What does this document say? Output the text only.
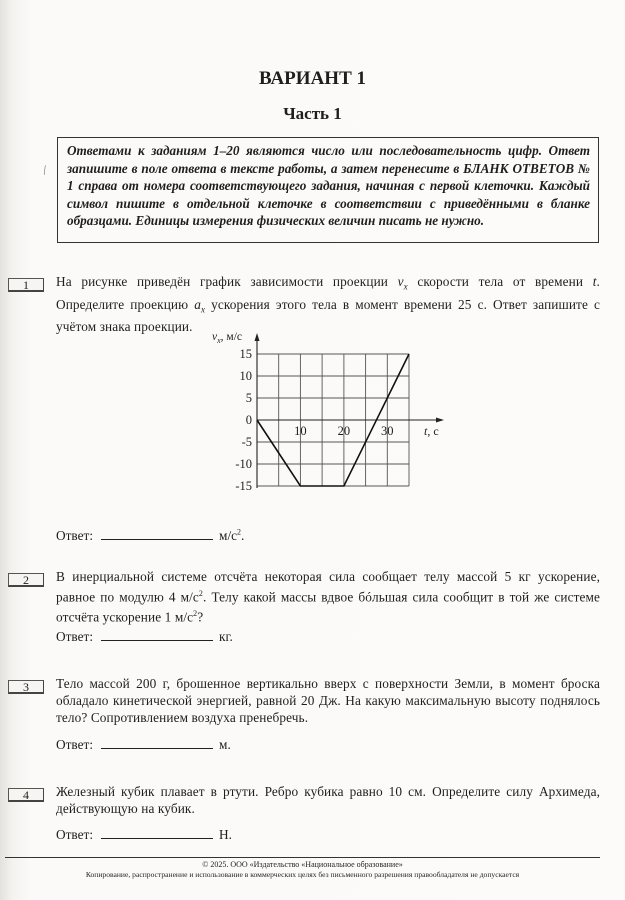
ВАРИАНТ 1
Часть 1
⁄

Ответами к заданиям 1–20 являются число или последовательность цифр. Ответ запишите в поле ответа в тексте работы, а затем перенесите в БЛАНК ОТВЕТОВ № 1 справа от номера соответствующего задания, начиная с первой клеточки. Каждый символ пишите в отдельной клеточке в соответствии с приведёнными в бланке образцами. Единицы измерения физических величин писать не нужно.

1	На рисунке приведён график зависимости проекции $v_x$ скорости тела от времени t. Определите проекцию $a_x$ ускорения этого тела в момент времени 25 с. Ответ запишите с учётом знака проекции.
15
10
5
0
-5
-10
-15
10 20 30
$v_x$, м/с
t, с
Ответ:	$м/с^2$.
2	В инерциальной системе отсчёта некоторая сила сообщает телу массой 5 кг ускорение, равное по модулю 4 $м/с^2$. Телу какой массы вдвое бóльшая сила сообщит в той же системе отсчёта ускорение 1 $м/с^2$?
Ответ:	кг.
3	Тело массой 200 г, брошенное вертикально вверх с поверхности Земли, в момент броска обладало кинетической энергией, равной 20 Дж. На какую максимальную высоту поднялось тело? Сопротивлением воздуха пренебречь.
Ответ:	м.
4	Железный кубик плавает в ртути. Ребро кубика равно 10 см. Определите силу Архимеда, действующую на кубик.
Ответ:	Н.
© 2025. ООО «Издательство «Национальное образование»
Копирование, распространение и использование в коммерческих целях без письменного разрешения правообладателя не допускается
